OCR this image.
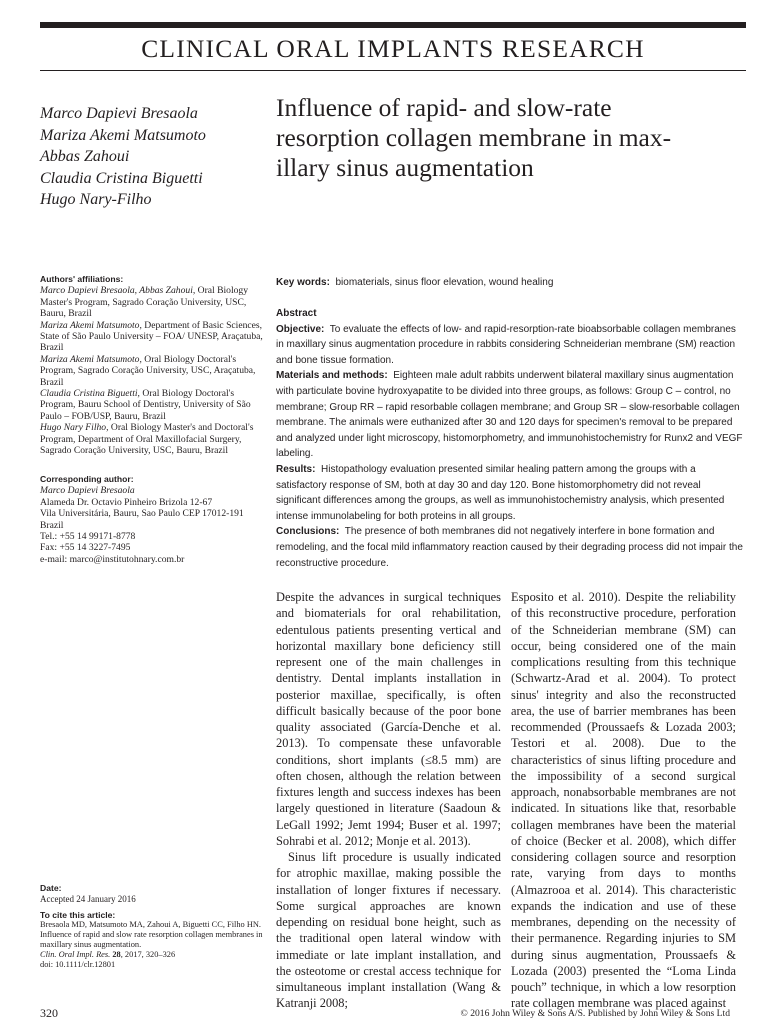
CLINICAL ORAL IMPLANTS RESEARCH
Marco Dapievi Bresaola
Mariza Akemi Matsumoto
Abbas Zahoui
Claudia Cristina Biguetti
Hugo Nary-Filho
Influence of rapid- and slow-rate
resorption collagen membrane in max-
illary sinus augmentation
Authors' affiliations:
Marco Dapievi Bresaola, Abbas Zahoui, Oral Biology Master's Program, Sagrado Coração University, USC, Bauru, Brazil
Mariza Akemi Matsumoto, Department of Basic Sciences, State of São Paulo University – FOA/ UNESP, Araçatuba, Brazil
Mariza Akemi Matsumoto, Oral Biology Doctoral's Program, Sagrado Coração University, USC, Araçatuba, Brazil
Claudia Cristina Biguetti, Oral Biology Doctoral's Program, Bauru School of Dentistry, University of São Paulo – FOB/USP, Bauru, Brazil
Hugo Nary Filho, Oral Biology Master's and Doctoral's Program, Department of Oral Maxillofacial Surgery, Sagrado Coração University, USC, Bauru, Brazil
Corresponding author:
Marco Dapievi Bresaola
Alameda Dr. Octavio Pinheiro Brizola 12-67
Vila Universitária, Bauru, Sao Paulo CEP 17012-191
Brazil
Tel.: +55 14 99171-8778
Fax: +55 14 3227-7495
e-mail: marco@institutohnary.com.br
Date:
Accepted 24 January 2016
To cite this article:
Bresaola MD, Matsumoto MA, Zahoui A, Biguetti CC, Filho HN. Influence of rapid and slow rate resorption collagen membranes in maxillary sinus augmentation.
Clin. Oral Impl. Res. 28, 2017, 320–326
doi: 10.1111/clr.12801
Key words: biomaterials, sinus floor elevation, wound healing

Abstract

Objective: To evaluate the effects of low- and rapid-resorption-rate bioabsorbable collagen membranes in maxillary sinus augmentation procedure in rabbits considering Schneiderian membrane (SM) reaction and bone tissue formation.

Materials and methods: Eighteen male adult rabbits underwent bilateral maxillary sinus augmentation with particulate bovine hydroxyapatite to be divided into three groups, as follows: Group C – control, no membrane; Group RR – rapid resorbable collagen membrane; and Group SR – slow-resorbable collagen membrane. The animals were euthanized after 30 and 120 days for specimen's removal to be prepared and analyzed under light microscopy, histomorphometry, and immunohistochemistry for Runx2 and VEGF labeling.

Results: Histopathology evaluation presented similar healing pattern among the groups with a satisfactory response of SM, both at day 30 and day 120. Bone histomorphometry did not reveal significant differences among the groups, as well as immunohistochemistry analysis, which presented intense immunolabeling for both proteins in all groups.

Conclusions: The presence of both membranes did not negatively interfere in bone formation and remodeling, and the focal mild inflammatory reaction caused by their degrading process did not impair the reconstructive procedure.

Despite the advances in surgical techniques and biomaterials for oral rehabilitation, edentulous patients presenting vertical and horizontal maxillary bone deficiency still represent one of the main challenges in dentistry. Dental implants installation in posterior maxillae, specifically, is often difficult basically because of the poor bone quality associated (García-Denche et al. 2013). To compensate these unfavorable conditions, short implants (≤8.5 mm) are often chosen, although the relation between fixtures length and success indexes has been largely questioned in literature (Saadoun & LeGall 1992; Jemt 1994; Buser et al. 1997; Sohrabi et al. 2012; Monje et al. 2013).

Sinus lift procedure is usually indicated for atrophic maxillae, making possible the installation of longer fixtures if necessary. Some surgical approaches are known depending on residual bone height, such as the traditional open lateral window with immediate or late implant installation, and the osteotome or crestal access technique for simultaneous implant installation (Wang & Katranji 2008;

Esposito et al. 2010). Despite the reliability of this reconstructive procedure, perforation of the Schneiderian membrane (SM) can occur, being considered one of the main complications resulting from this technique (Schwartz-Arad et al. 2004). To protect sinus' integrity and also the reconstructed area, the use of barrier membranes has been recommended (Proussaefs & Lozada 2003; Testori et al. 2008). Due to the characteristics of sinus lifting procedure and the impossibility of a second surgical approach, nonabsorbable membranes are not indicated. In situations like that, resorbable collagen membranes have been the material of choice (Becker et al. 2008), which differ considering collagen source and resorption rate, varying from days to months (Almazrooa et al. 2014). This characteristic expands the indication and use of these membranes, depending on the necessity of their permanence. Regarding injuries to SM during sinus augmentation, Proussaefs & Lozada (2003) presented the “Loma Linda pouch” technique, in which a low resorption rate collagen membrane was placed against

320	© 2016 John Wiley & Sons A/S. Published by John Wiley & Sons Ltd
